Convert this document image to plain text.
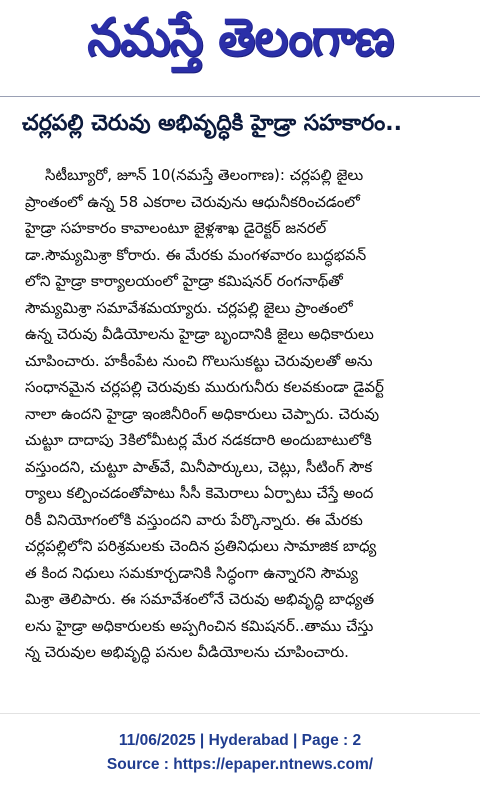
నమస్తే తెలంగాణ
చర్లపల్లి చెరువు అభివృద్ధికి హైడ్రా సహకారం..
సిటీబ్యూరో, జూన్ 10(నమస్తే తెలంగాణ): చర్లపల్లి జైలు
ప్రాంతంలో ఉన్న 58 ఎకరాల చెరువును ఆధునీకరించడంలో
హైడ్రా సహకారం కావాలంటూ జైళ్లశాఖ డైరెక్టర్ జనరల్
డా.సౌమ్యమిశ్రా కోరారు. ఈ మేరకు మంగళవారం బుద్ధభవన్
లోని హైడ్రా కార్యాలయంలో హైడ్రా కమిషనర్ రంగనాథ్‌తో
సౌమ్యమిశ్రా సమావేశమయ్యారు. చర్లపల్లి జైలు ప్రాంతంలో
ఉన్న చెరువు వీడియోలను హైడ్రా బృందానికి జైలు అధికారులు
చూపించారు. హకీంపేట నుంచి గొలుసుకట్టు చెరువులతో అను
సంధానమైన చర్లపల్లి చెరువుకు మురుగునీరు కలవకుండా డైవర్ట్
నాలా ఉందని హైడ్రా ఇంజినీరింగ్ అధికారులు చెప్పారు. చెరువు
చుట్టూ దాదాపు 3కిలోమీటర్ల మేర నడకదారి అందుబాటులోకి
వస్తుందని, చుట్టూ పాత్‌వే, మినీపార్కులు, చెట్లు, సీటింగ్ సౌక
ర్యాలు కల్పించడంతోపాటు సీసీ కెమెరాలు ఏర్పాటు చేస్తే అంద
రికీ వినియోగంలోకి వస్తుందని వారు పేర్కొన్నారు. ఈ మేరకు
చర్లపల్లిలోని పరిశ్రమలకు చెందిన ప్రతినిధులు సామాజిక బాధ్య
త కింద నిధులు సమకూర్చడానికి సిద్ధంగా ఉన్నారని సౌమ్య
మిశ్రా తెలిపారు. ఈ సమావేశంలోనే చెరువు అభివృద్ధి బాధ్యత
లను హైడ్రా అధికారులకు అప్పగించిన కమిషనర్..తాము చేస్తు
న్న చెరువుల అభివృద్ధి పనుల వీడియోలను చూపించారు.
11/06/2025 | Hyderabad | Page : 2
Source : https://epaper.ntnews.com/
